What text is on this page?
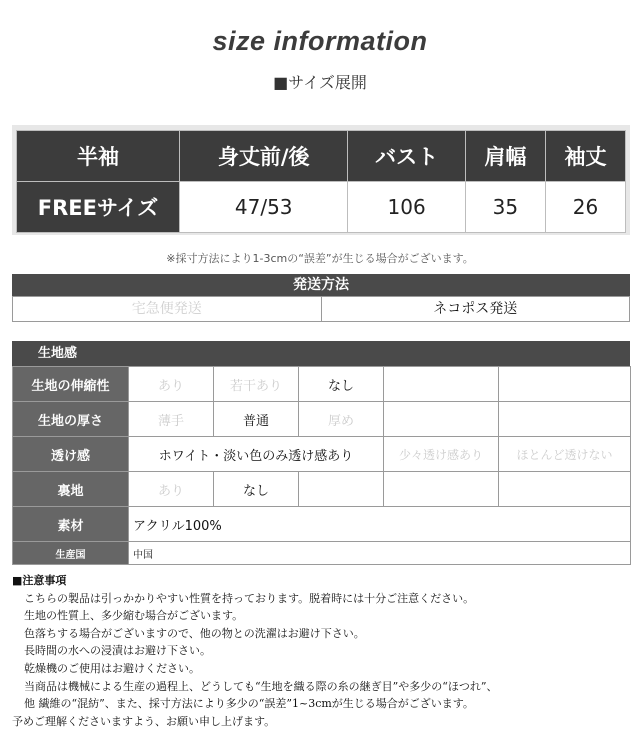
size information
■サイズ展開
半袖	身丈前/後	バスト	肩幅	袖丈
FREEサイズ	47/53	106	35	26
※採寸方法により1-3cmの“誤差”が生じる場合がございます。
発送方法
宅急便発送	ネコポス発送
生地感
生地の伸縮性	あり	若干あり	なし		
生地の厚さ	薄手	普通	厚め		
透け感	ホワイト・淡い色のみ透け感あり			少々透け感あり	ほとんど透けない
裏地	あり	なし			
素材	アクリル100%				
生産国	中国				
■注意事項
こちらの製品は引っかかりやすい性質を持っております。脱着時には十分ご注意ください。
生地の性質上、多少縮む場合がございます。
色落ちする場合がございますので、他の物との洗濯はお避け下さい。
長時間の水への浸漬はお避け下さい。
乾燥機のご使用はお避けください。
当商品は機械による生産の過程上、どうしても“生地を織る際の糸の継ぎ目”や多少の“ほつれ”、
他 繊維の“混紡”、また、採寸方法により多少の“誤差”1~3cmが生じる場合がございます。
予めご理解くださいますよう、お願い申し上げます。
